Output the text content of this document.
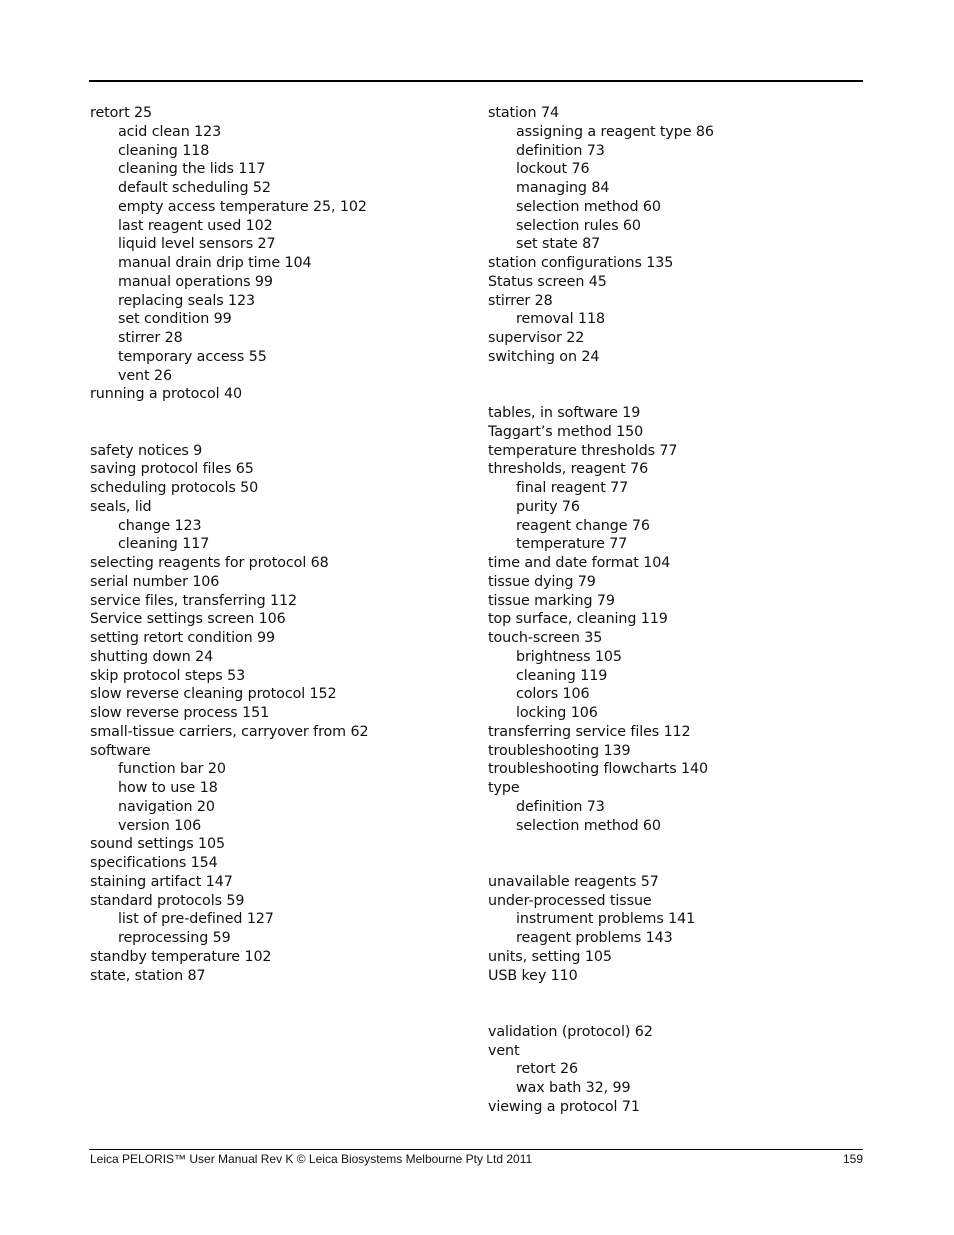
retort 25
acid clean 123
cleaning 118
cleaning the lids 117
default scheduling 52
empty access temperature 25, 102
last reagent used 102
liquid level sensors 27
manual drain drip time 104
manual operations 99
replacing seals 123
set condition 99
stirrer 28
temporary access 55
vent 26
running a protocol 40
safety notices 9
saving protocol files 65
scheduling protocols 50
seals, lid
change 123
cleaning 117
selecting reagents for protocol 68
serial number 106
service files, transferring 112
Service settings screen 106
setting retort condition 99
shutting down 24
skip protocol steps 53
slow reverse cleaning protocol 152
slow reverse process 151
small-tissue carriers, carryover from 62
software
function bar 20
how to use 18
navigation 20
version 106
sound settings 105
specifications 154
staining artifact 147
standard protocols 59
list of pre-defined 127
reprocessing 59
standby temperature 102
state, station 87
station 74
assigning a reagent type 86
definition 73
lockout 76
managing 84
selection method 60
selection rules 60
set state 87
station configurations 135
Status screen 45
stirrer 28
removal 118
supervisor 22
switching on 24
tables, in software 19
Taggart’s method 150
temperature thresholds 77
thresholds, reagent 76
final reagent 77
purity 76
reagent change 76
temperature 77
time and date format 104
tissue dying 79
tissue marking 79
top surface, cleaning 119
touch-screen 35
brightness 105
cleaning 119
colors 106
locking 106
transferring service files 112
troubleshooting 139
troubleshooting flowcharts 140
type
definition 73
selection method 60
unavailable reagents 57
under-processed tissue
instrument problems 141
reagent problems 143
units, setting 105
USB key 110
validation (protocol) 62
vent
retort 26
wax bath 32, 99
viewing a protocol 71
Leica PELORIS™ User Manual Rev K © Leica Biosystems Melbourne Pty Ltd 2011	159
